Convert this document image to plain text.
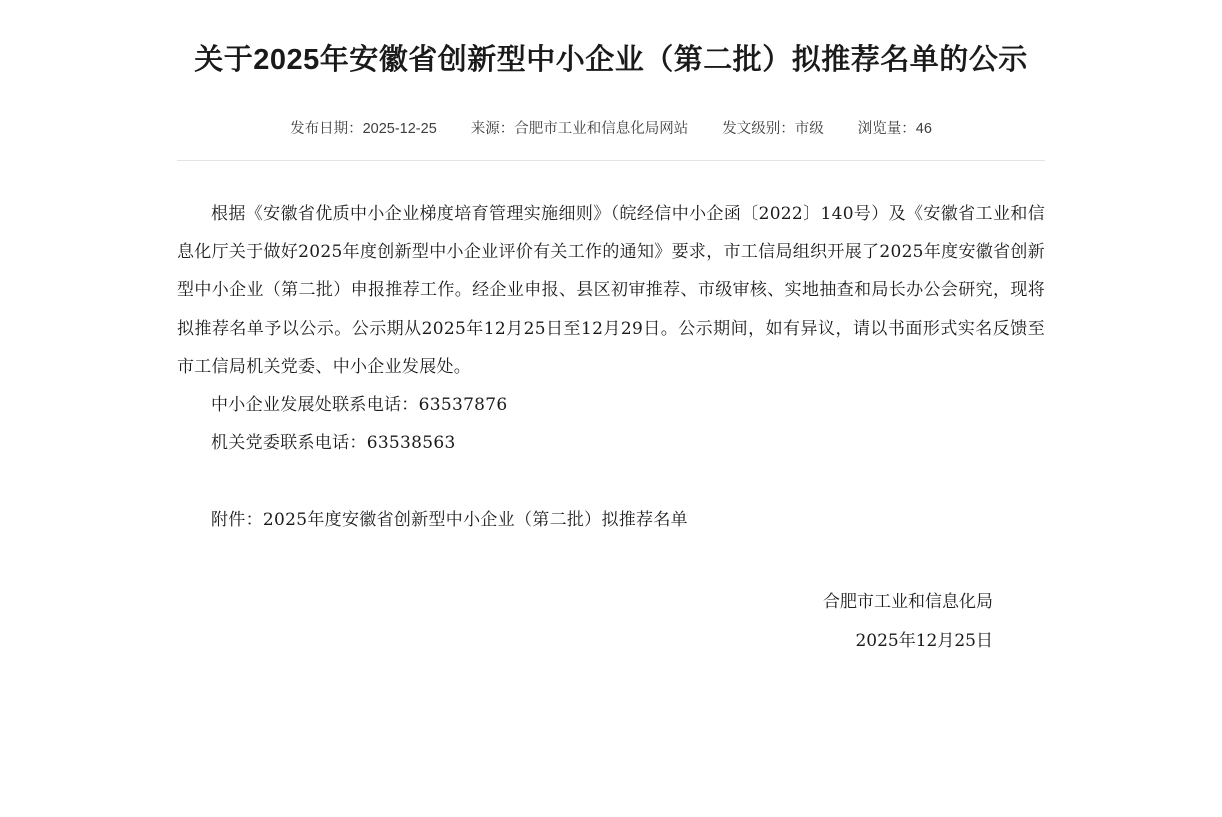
关于2025年安徽省创新型中小企业（第二批）拟推荐名单的公示
发布日期：2025-12-25 来源：合肥市工业和信息化局网站 发文级别：市级 浏览量：46

根据《安徽省优质中小企业梯度培育管理实施细则》（皖经信中小企函〔2022〕140号）及《安徽省工业和信息化厅关于做好2025年度创新型中小企业评价有关工作的通知》要求，市工信局组织开展了2025年度安徽省创新型中小企业（第二批）申报推荐工作。经企业申报、县区初审推荐、市级审核、实地抽查和局长办公会研究，现将拟推荐名单予以公示。公示期从2025年12月25日至12月29日。公示期间，如有异议，请以书面形式实名反馈至市工信局机关党委、中小企业发展处。

中小企业发展处联系电话：63537876

机关党委联系电话：63538563

附件：2025年度安徽省创新型中小企业（第二批）拟推荐名单

合肥市工业和信息化局
2025年12月25日
